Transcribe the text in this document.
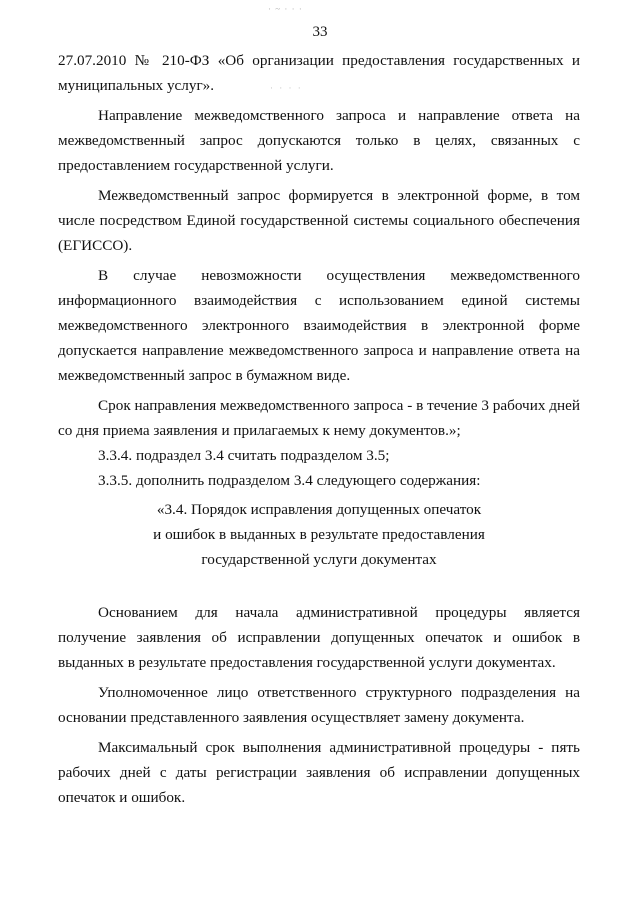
· ~ · · ·
· · · ·
33

27.07.2010 № 210-ФЗ «Об организации предоставления государственных и муниципальных услуг».

Направление межведомственного запроса и направление ответа на межведомственный запрос допускаются только в целях, связанных с предоставлением государственной услуги.

Межведомственный запрос формируется в электронной форме, в том числе посредством Единой государственной системы социального обеспечения (ЕГИССО).

В случае невозможности осуществления межведомственного информационного взаимодействия с использованием единой системы межведомственного электронного взаимодействия в электронной форме допускается направление межведомственного запроса и направление ответа на межведомственный запрос в бумажном виде.

Срок направления межведомственного запроса - в течение 3 рабочих дней со дня приема заявления и прилагаемых к нему документов.»;

3.3.4. подраздел 3.4 считать подразделом 3.5;

3.3.5. дополнить подразделом 3.4 следующего содержания:

«3.4. Порядок исправления допущенных опечаток

и ошибок в выданных в результате предоставления

государственной услуги документах

Основанием для начала административной процедуры является получение заявления об исправлении допущенных опечаток и ошибок в выданных в результате предоставления государственной услуги документах.

Уполномоченное лицо ответственного структурного подразделения на основании представленного заявления осуществляет замену документа.

Максимальный срок выполнения административной процедуры - пять рабочих дней с даты регистрации заявления об исправлении допущенных опечаток и ошибок.
